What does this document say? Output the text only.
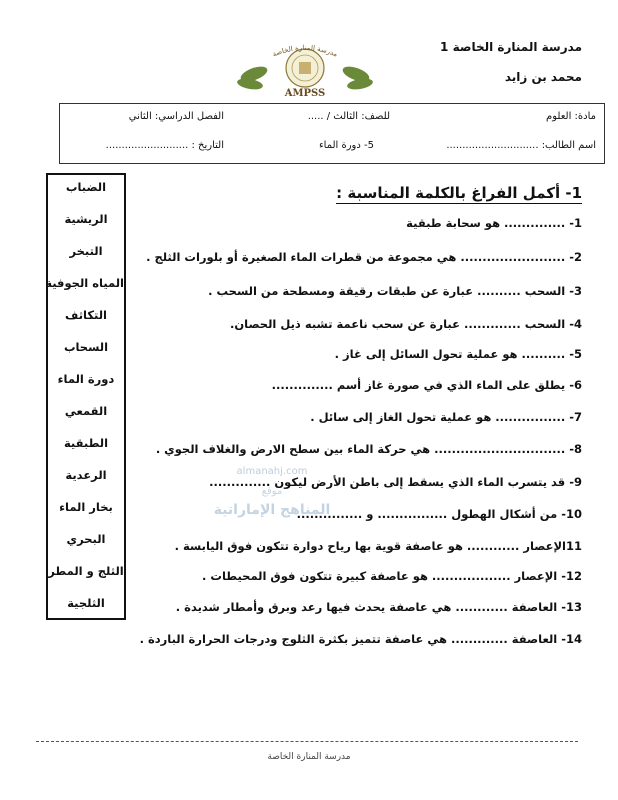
مدرسة المنارة الخاصة 1
محمد بن زايد
مدرسة المنارة الخاصة
AMPSS
مادة: العلوم
للصف: الثالث / .....
الفصل الدراسي: الثاني
اسم الطالب: .............................
5- دورة الماء
التاريخ : ..........................
الضباب
الريشية
التبخر
المياه الجوفية
التكاثف
السحاب
دورة الماء
القمعي
الطبقية
الرعدية
بخار الماء
البحري
الثلج و المطر
الثلجية
1- أكمل الفراغ بالكلمة المناسبة :
1- .............. هو سحابة طبقية
2- ........................ هي مجموعة من قطرات الماء الصغيرة أو بلورات الثلج .
3- السحب .......... عبارة عن طبقات رقيقة ومسطحة من السحب .
4- السحب ............. عبارة عن سحب ناعمة تشبه ذيل الحصان.
5- .......... هو عملية تحول السائل إلى غاز .
6- يطلق على الماء الذي في صورة غاز أسم ..............
7- ................ هو عملية تحول الغاز إلى سائل .
8- .............................. هي حركة الماء بين سطح الارض والغلاف الجوي .
9- قد يتسرب الماء الذي يسقط إلى باطن الأرض ليكون ..............
10- من أشكال الهطول ................ و ...............
11الإعصار ............ هو عاصفة قوية بها رياح دوارة تتكون فوق اليابسة .
12- الإعصار .................. هو عاصفة كبيرة تتكون فوق المحيطات .
13- العاصفة ............ هي عاصفة يحدث فيها رعد وبرق وأمطار شديدة .
14- العاصفة ............. هي عاصفة تتميز بكثرة الثلوج ودرجات الحرارة الباردة .
almanahj.com
موقع
المناهج الإماراتية
مدرسة المنارة الخاصة
